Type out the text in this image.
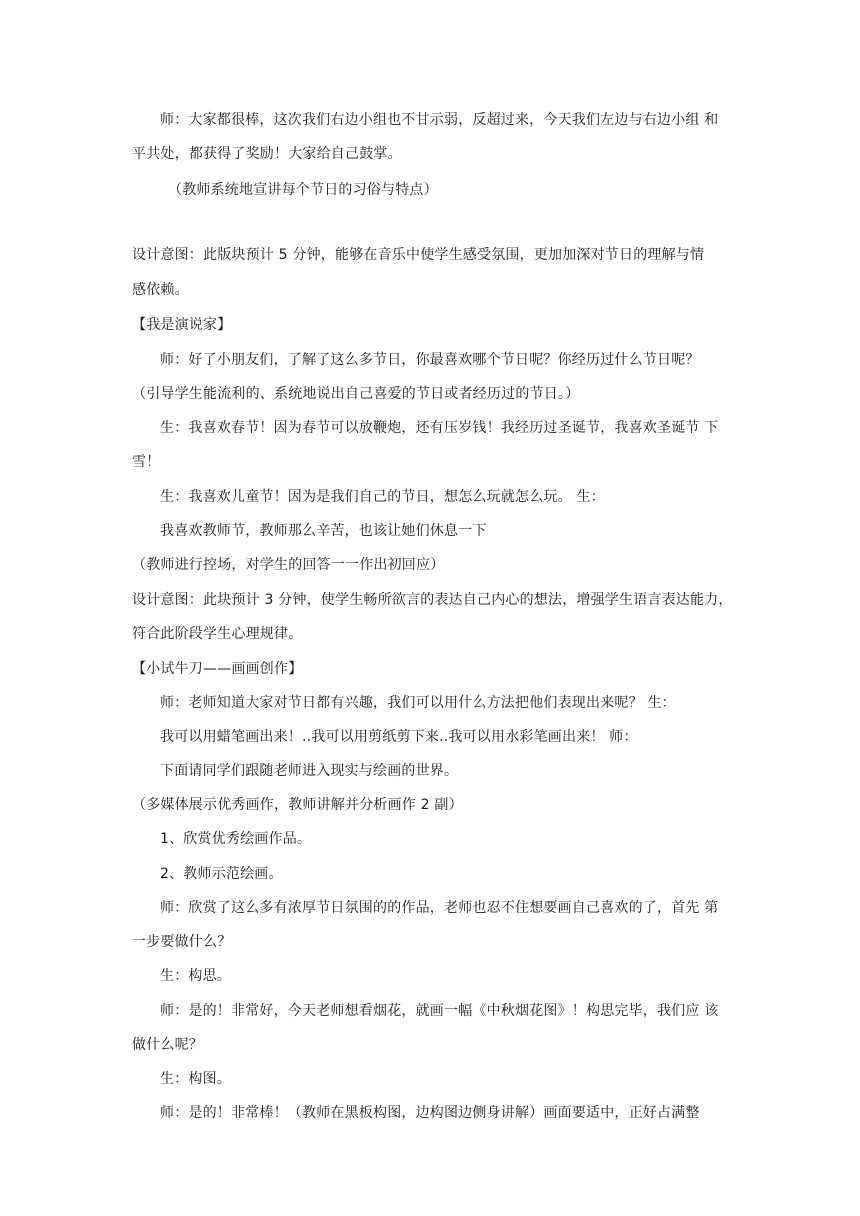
师：大家都很棒，这次我们右边小组也不甘示弱，反超过来，今天我们左边与右边小组 和
平共处，都获得了奖励！大家给自己鼓掌。
（教师系统地宣讲每个节日的习俗与特点）
设计意图：此版块预计 5 分钟，能够在音乐中使学生感受氛围，更加加深对节日的理解与情
感依赖。
【我是演说家】
师：好了小朋友们，了解了这么多节日，你最喜欢哪个节日呢？你经历过什么节日呢？
（引导学生能流利的、系统地说出自己喜爱的节日或者经历过的节日。）
生：我喜欢春节！因为春节可以放鞭炮，还有压岁钱！我经历过圣诞节，我喜欢圣诞节 下
雪！
生：我喜欢儿童节！因为是我们自己的节日，想怎么玩就怎么玩。 生：
我喜欢教师节，教师那么辛苦，也该让她们休息一下
（教师进行控场，对学生的回答一一作出初回应）
设计意图：此块预计 3 分钟，使学生畅所欲言的表达自己内心的想法，增强学生语言表达能力，
符合此阶段学生心理规律。
【小试牛刀——画画创作】
师：老师知道大家对节日都有兴趣，我们可以用什么方法把他们表现出来呢？ 生：
我可以用蜡笔画出来！..我可以用剪纸剪下来..我可以用水彩笔画出来！ 师：
下面请同学们跟随老师进入现实与绘画的世界。
（多媒体展示优秀画作，教师讲解并分析画作 2 副）
1、欣赏优秀绘画作品。
2、教师示范绘画。
师：欣赏了这么多有浓厚节日氛围的的作品，老师也忍不住想要画自己喜欢的了，首先 第
一步要做什么？
生：构思。
师：是的！非常好，今天老师想看烟花，就画一幅《中秋烟花图》！构思完毕，我们应 该
做什么呢？
生：构图。
师：是的！非常棒！（教师在黑板构图，边构图边侧身讲解）画面要适中，正好占满整
